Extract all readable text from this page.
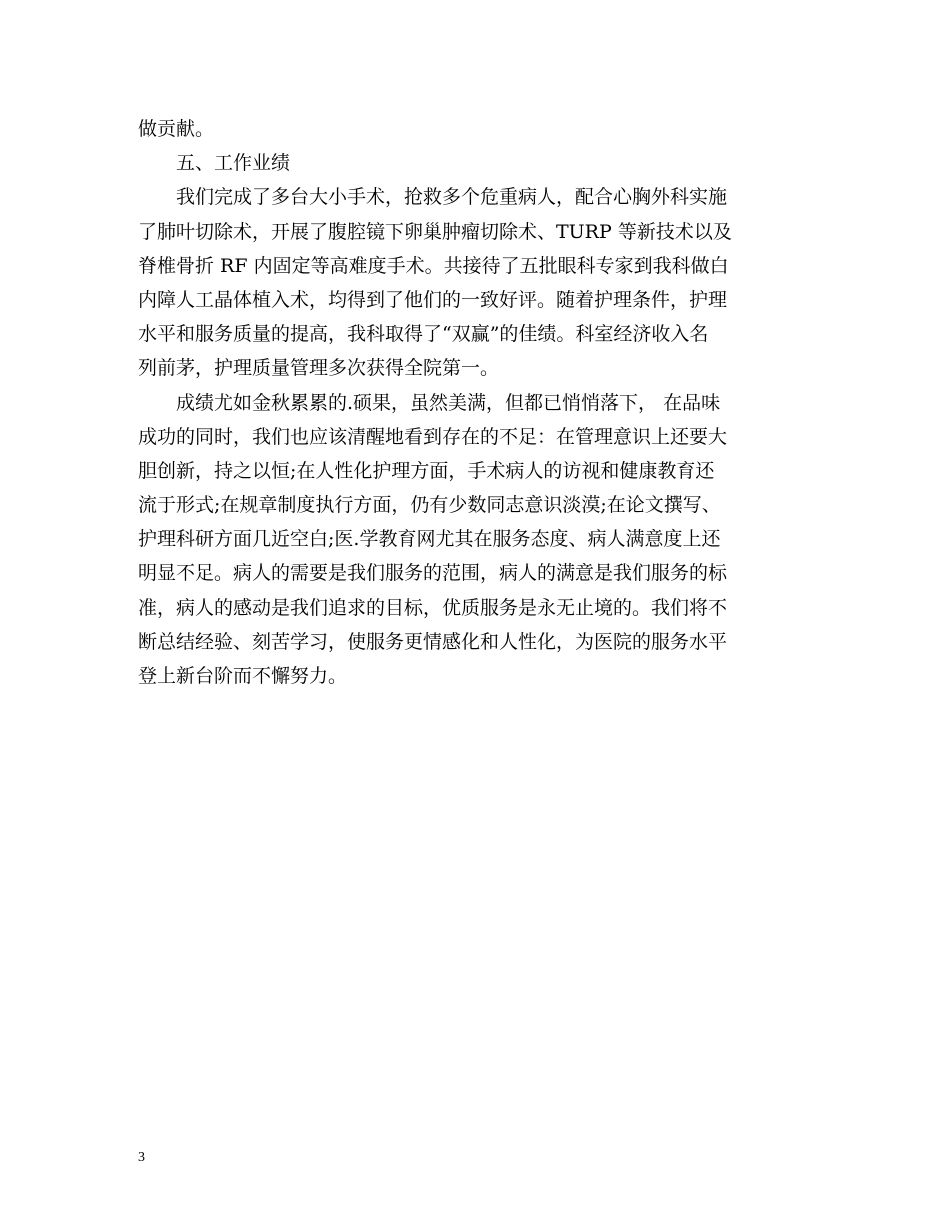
做贡献。
五、工作业绩
我们完成了多台大小手术，抢救多个危重病人，配合心胸外科实施
了肺叶切除术，开展了腹腔镜下卵巢肿瘤切除术、TURP 等新技术以及
脊椎骨折 RF 内固定等高难度手术。共接待了五批眼科专家到我科做白
内障人工晶体植入术，均得到了他们的一致好评。随着护理条件，护理
水平和服务质量的提高，我科取得了“双赢”的佳绩。科室经济收入名
列前茅，护理质量管理多次获得全院第一。
成绩尤如金秋累累的.硕果，虽然美满，但都已悄悄落下， 在品味
成功的同时，我们也应该清醒地看到存在的不足：在管理意识上还要大
胆创新，持之以恒;在人性化护理方面，手术病人的访视和健康教育还
流于形式;在规章制度执行方面，仍有少数同志意识淡漠;在论文撰写、
护理科研方面几近空白;医.学教育网尤其在服务态度、病人满意度上还
明显不足。病人的需要是我们服务的范围，病人的满意是我们服务的标
准，病人的感动是我们追求的目标，优质服务是永无止境的。我们将不
断总结经验、刻苦学习，使服务更情感化和人性化，为医院的服务水平
登上新台阶而不懈努力。
3
